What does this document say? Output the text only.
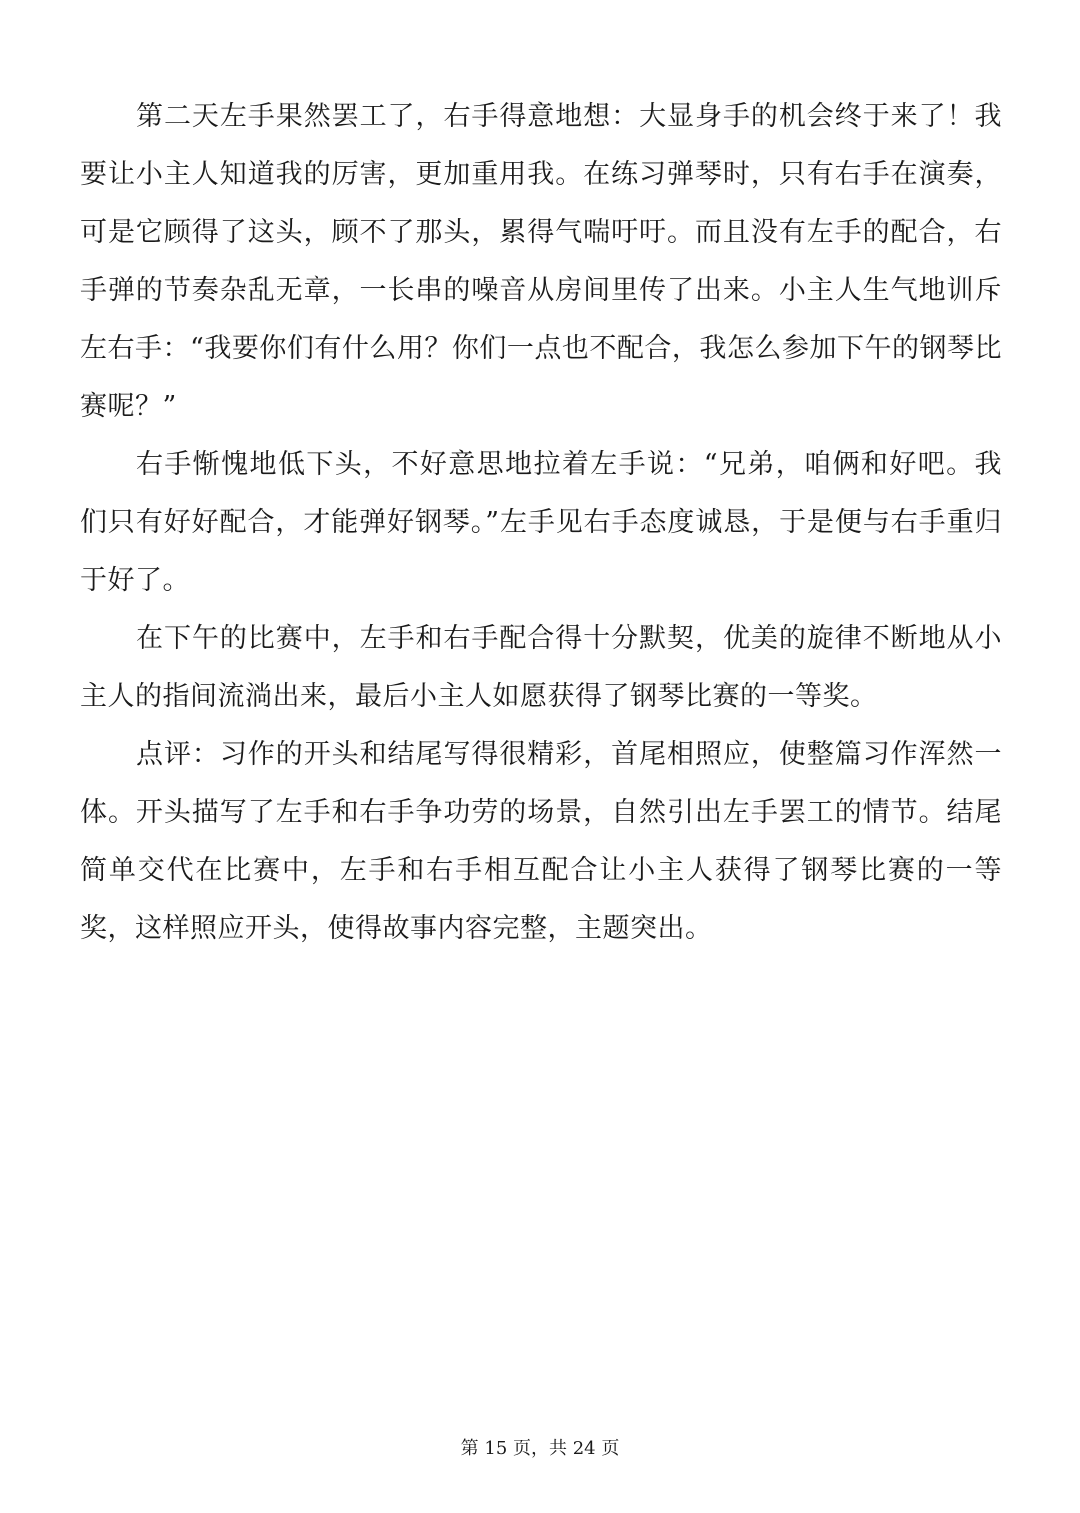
第二天左手果然罢工了，右手得意地想：大显身手的机会终于来了！我要让小主人知道我的厉害，更加重用我。在练习弹琴时，只有右手在演奏，可是它顾得了这头，顾不了那头，累得气喘吁吁。而且没有左手的配合，右手弹的节奏杂乱无章，一长串的噪音从房间里传了出来。小主人生气地训斥左右手：“我要你们有什么用？你们一点也不配合，我怎么参加下午的钢琴比赛呢？”

右手惭愧地低下头，不好意思地拉着左手说：“兄弟，咱俩和好吧。我们只有好好配合，才能弹好钢琴。”左手见右手态度诚恳，于是便与右手重归于好了。

在下午的比赛中，左手和右手配合得十分默契，优美的旋律不断地从小主人的指间流淌出来，最后小主人如愿获得了钢琴比赛的一等奖。

点评：习作的开头和结尾写得很精彩，首尾相照应，使整篇习作浑然一体。开头描写了左手和右手争功劳的场景，自然引出左手罢工的情节。结尾简单交代在比赛中，左手和右手相互配合让小主人获得了钢琴比赛的一等奖，这样照应开头，使得故事内容完整，主题突出。

第 15 页，共 24 页
